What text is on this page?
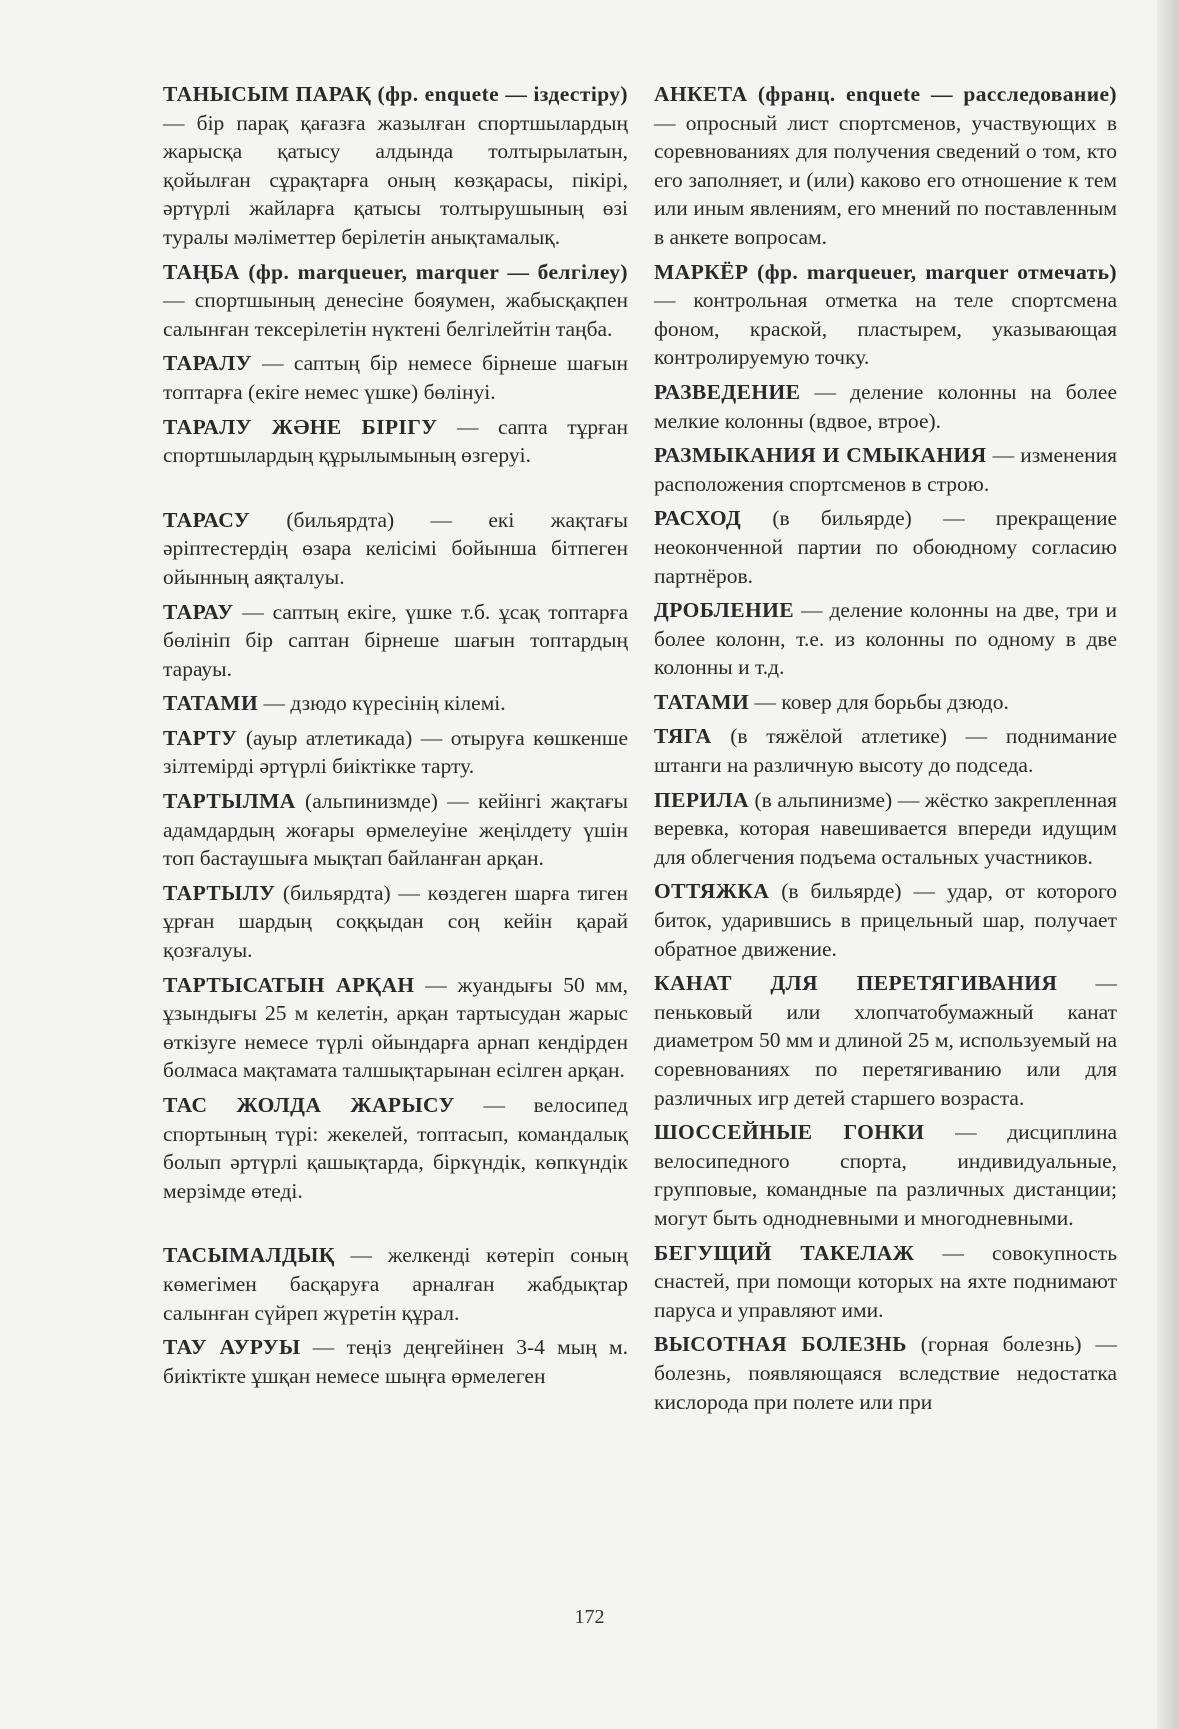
ТАНЫСЫМ ПАРАҚ (фр. enquete — іздестіру) — бір парақ қағазға жазылған спортшылардың жарысқа қатысу алдында толтырылатын, қойылған сұрақтарға оның көзқарасы, пікірі, әртүрлі жайларға қатысы толтырушының өзі туралы мәліметтер берілетін анықтамалық.

ТАҢБА (фр. marqueuer, marquer — белгілеу) — спортшының денесіне бояумен, жабысқақпен салынған тексерілетін нүктені белгілейтін таңба.

ТАРАЛУ — саптың бір немесе бірнеше шағын топтарға (екіге немес үшке) бөлінуі.

ТАРАЛУ ЖӘНЕ БІРІГУ — сапта тұрған спортшылардың құрылымының өзгеруі.

ТАРАСУ (бильярдта) — екі жақтағы әріптестердің өзара келісімі бойынша бітпеген ойынның аяқталуы.

ТАРАУ — саптың екіге, үшке т.б. ұсақ топтарға бөлініп бір саптан бірнеше шағын топтардың тарауы.

ТАТАМИ — дзюдо күресінің кілемі.

ТАРТУ (ауыр атлетикада) — отыруға көшкенше зілтемірді әртүрлі биіктікке тарту.

ТАРТЫЛМА (альпинизмде) — кейінгі жақтағы адамдардың жоғары өрмелеуіне жеңілдету үшін топ бастаушыға мықтап байланған арқан.

ТАРТЫЛУ (бильярдта) — көздеген шарға тиген ұрған шардың соққыдан соң кейін қарай қозғалуы.

ТАРТЫСАТЫН АРҚАН — жуандығы 50 мм, ұзындығы 25 м келетін, арқан тартысудан жарыс өткізуге немесе түрлі ойындарға арнап кендірден болмаса мақтамата талшықтарынан есілген арқан.

ТАС ЖОЛДА ЖАРЫСУ — велосипед спортының түрі: жекелей, топтасып, командалық болып әртүрлі қашықтарда, біркүндік, көпкүндік мерзімде өтеді.

ТАСЫМАЛДЫҚ — желкенді көтеріп соның көмегімен басқаруға арналған жабдықтар салынған сүйреп жүретін құрал.

ТАУ АУРУЫ — теңіз деңгейінен 3-4 мың м. биіктікте ұшқан немесе шыңға өрмелеген

АНКЕТА (франц. enquete — расследование) — опросный лист спортсменов, участвующих в соревнованиях для получения сведений о том, кто его заполняет, и (или) каково его отношение к тем или иным явлениям, его мнений по поставленным в анкете вопросам.

МАРКЁР (фр. marqueuer, marquer отмечать) — контрольная отметка на теле спортсмена фоном, краской, пластырем, указывающая контролируемую точку.

РАЗВЕДЕНИЕ — деление колонны на более мелкие колонны (вдвое, втрое).

РАЗМЫКАНИЯ И СМЫКАНИЯ — изменения расположения спортсменов в строю.

РАСХОД (в бильярде) — прекращение неоконченной партии по обоюдному согласию партнёров.

ДРОБЛЕНИЕ — деление колонны на две, три и более колонн, т.е. из колонны по одному в две колонны и т.д.

ТАТАМИ — ковер для борьбы дзюдо.

ТЯГА (в тяжёлой атлетике) — поднимание штанги на различную высоту до подседа.

ПЕРИЛА (в альпинизме) — жёстко закрепленная веревка, которая навешивается впереди идущим для облегчения подъема остальных участников.

ОТТЯЖКА (в бильярде) — удар, от которого биток, ударившись в прицельный шар, получает обратное движение.

КАНАТ ДЛЯ ПЕРЕТЯГИВАНИЯ — пеньковый или хлопчатобумажный канат диаметром 50 мм и длиной 25 м, используемый на соревнованиях по перетягиванию или для различных игр детей старшего возраста.

ШОССЕЙНЫЕ ГОНКИ — дисциплина велосипедного спорта, индивидуальные, групповые, командные па различных дистанции; могут быть однодневными и многодневными.

БЕГУЩИЙ ТАКЕЛАЖ — совокупность снастей, при помощи которых на яхте поднимают паруса и управляют ими.

ВЫСОТНАЯ БОЛЕЗНЬ (горная болезнь) — болезнь, появляющаяся вследствие недостатка кислорода при полете или при

172
